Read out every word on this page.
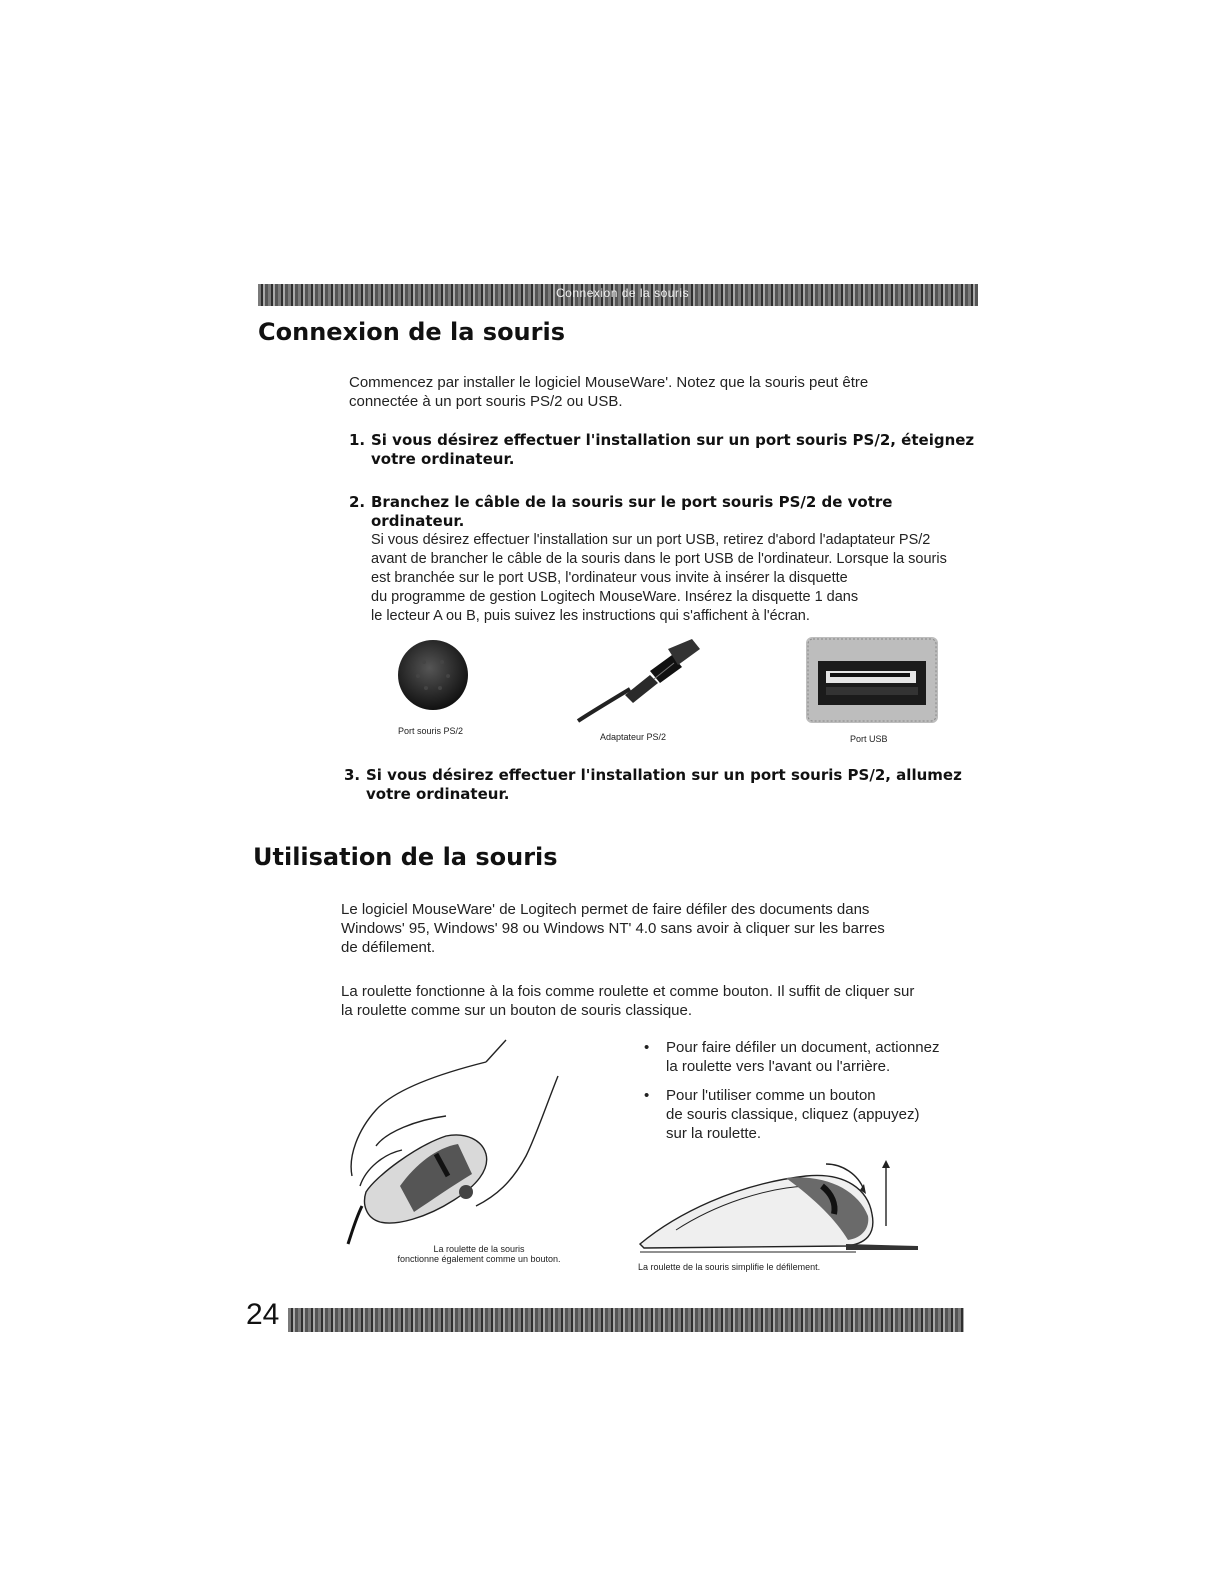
Connexion de la souris
Connexion de la souris
Commencez par installer le logiciel MouseWare'. Notez que la souris peut être
connectée à un port souris PS/2 ou USB.
1. Si vous désirez effectuer l'installation sur un port souris PS/2, éteignez
votre ordinateur.
2. Branchez le câble de la souris sur le port souris PS/2 de votre ordinateur.
Si vous désirez effectuer l'installation sur un port USB, retirez d'abord l'adaptateur PS/2
avant de brancher le câble de la souris dans le port USB de l'ordinateur. Lorsque la souris
est branchée sur le port USB, l'ordinateur vous invite à insérer la disquette
du programme de gestion Logitech MouseWare. Insérez la disquette 1 dans
le lecteur A ou B, puis suivez les instructions qui s'affichent à l'écran.
Port souris PS/2
Adaptateur PS/2	Port USB
3. Si vous désirez effectuer l'installation sur un port souris PS/2, allumez
votre ordinateur.
Utilisation de la souris
Le logiciel MouseWare' de Logitech permet de faire défiler des documents dans
Windows' 95, Windows' 98 ou Windows NT' 4.0 sans avoir à cliquer sur les barres
de défilement.
La roulette fonctionne à la fois comme roulette et comme bouton. Il suffit de cliquer sur
la roulette comme sur un bouton de souris classique.
La roulette de la souris
fonctionne également comme un bouton.
• Pour faire défiler un document, actionnez
la roulette vers l'avant ou l'arrière.
• Pour l'utiliser comme un bouton
de souris classique, cliquez (appuyez)
sur la roulette.
La roulette de la souris simplifie le défilement.
24
